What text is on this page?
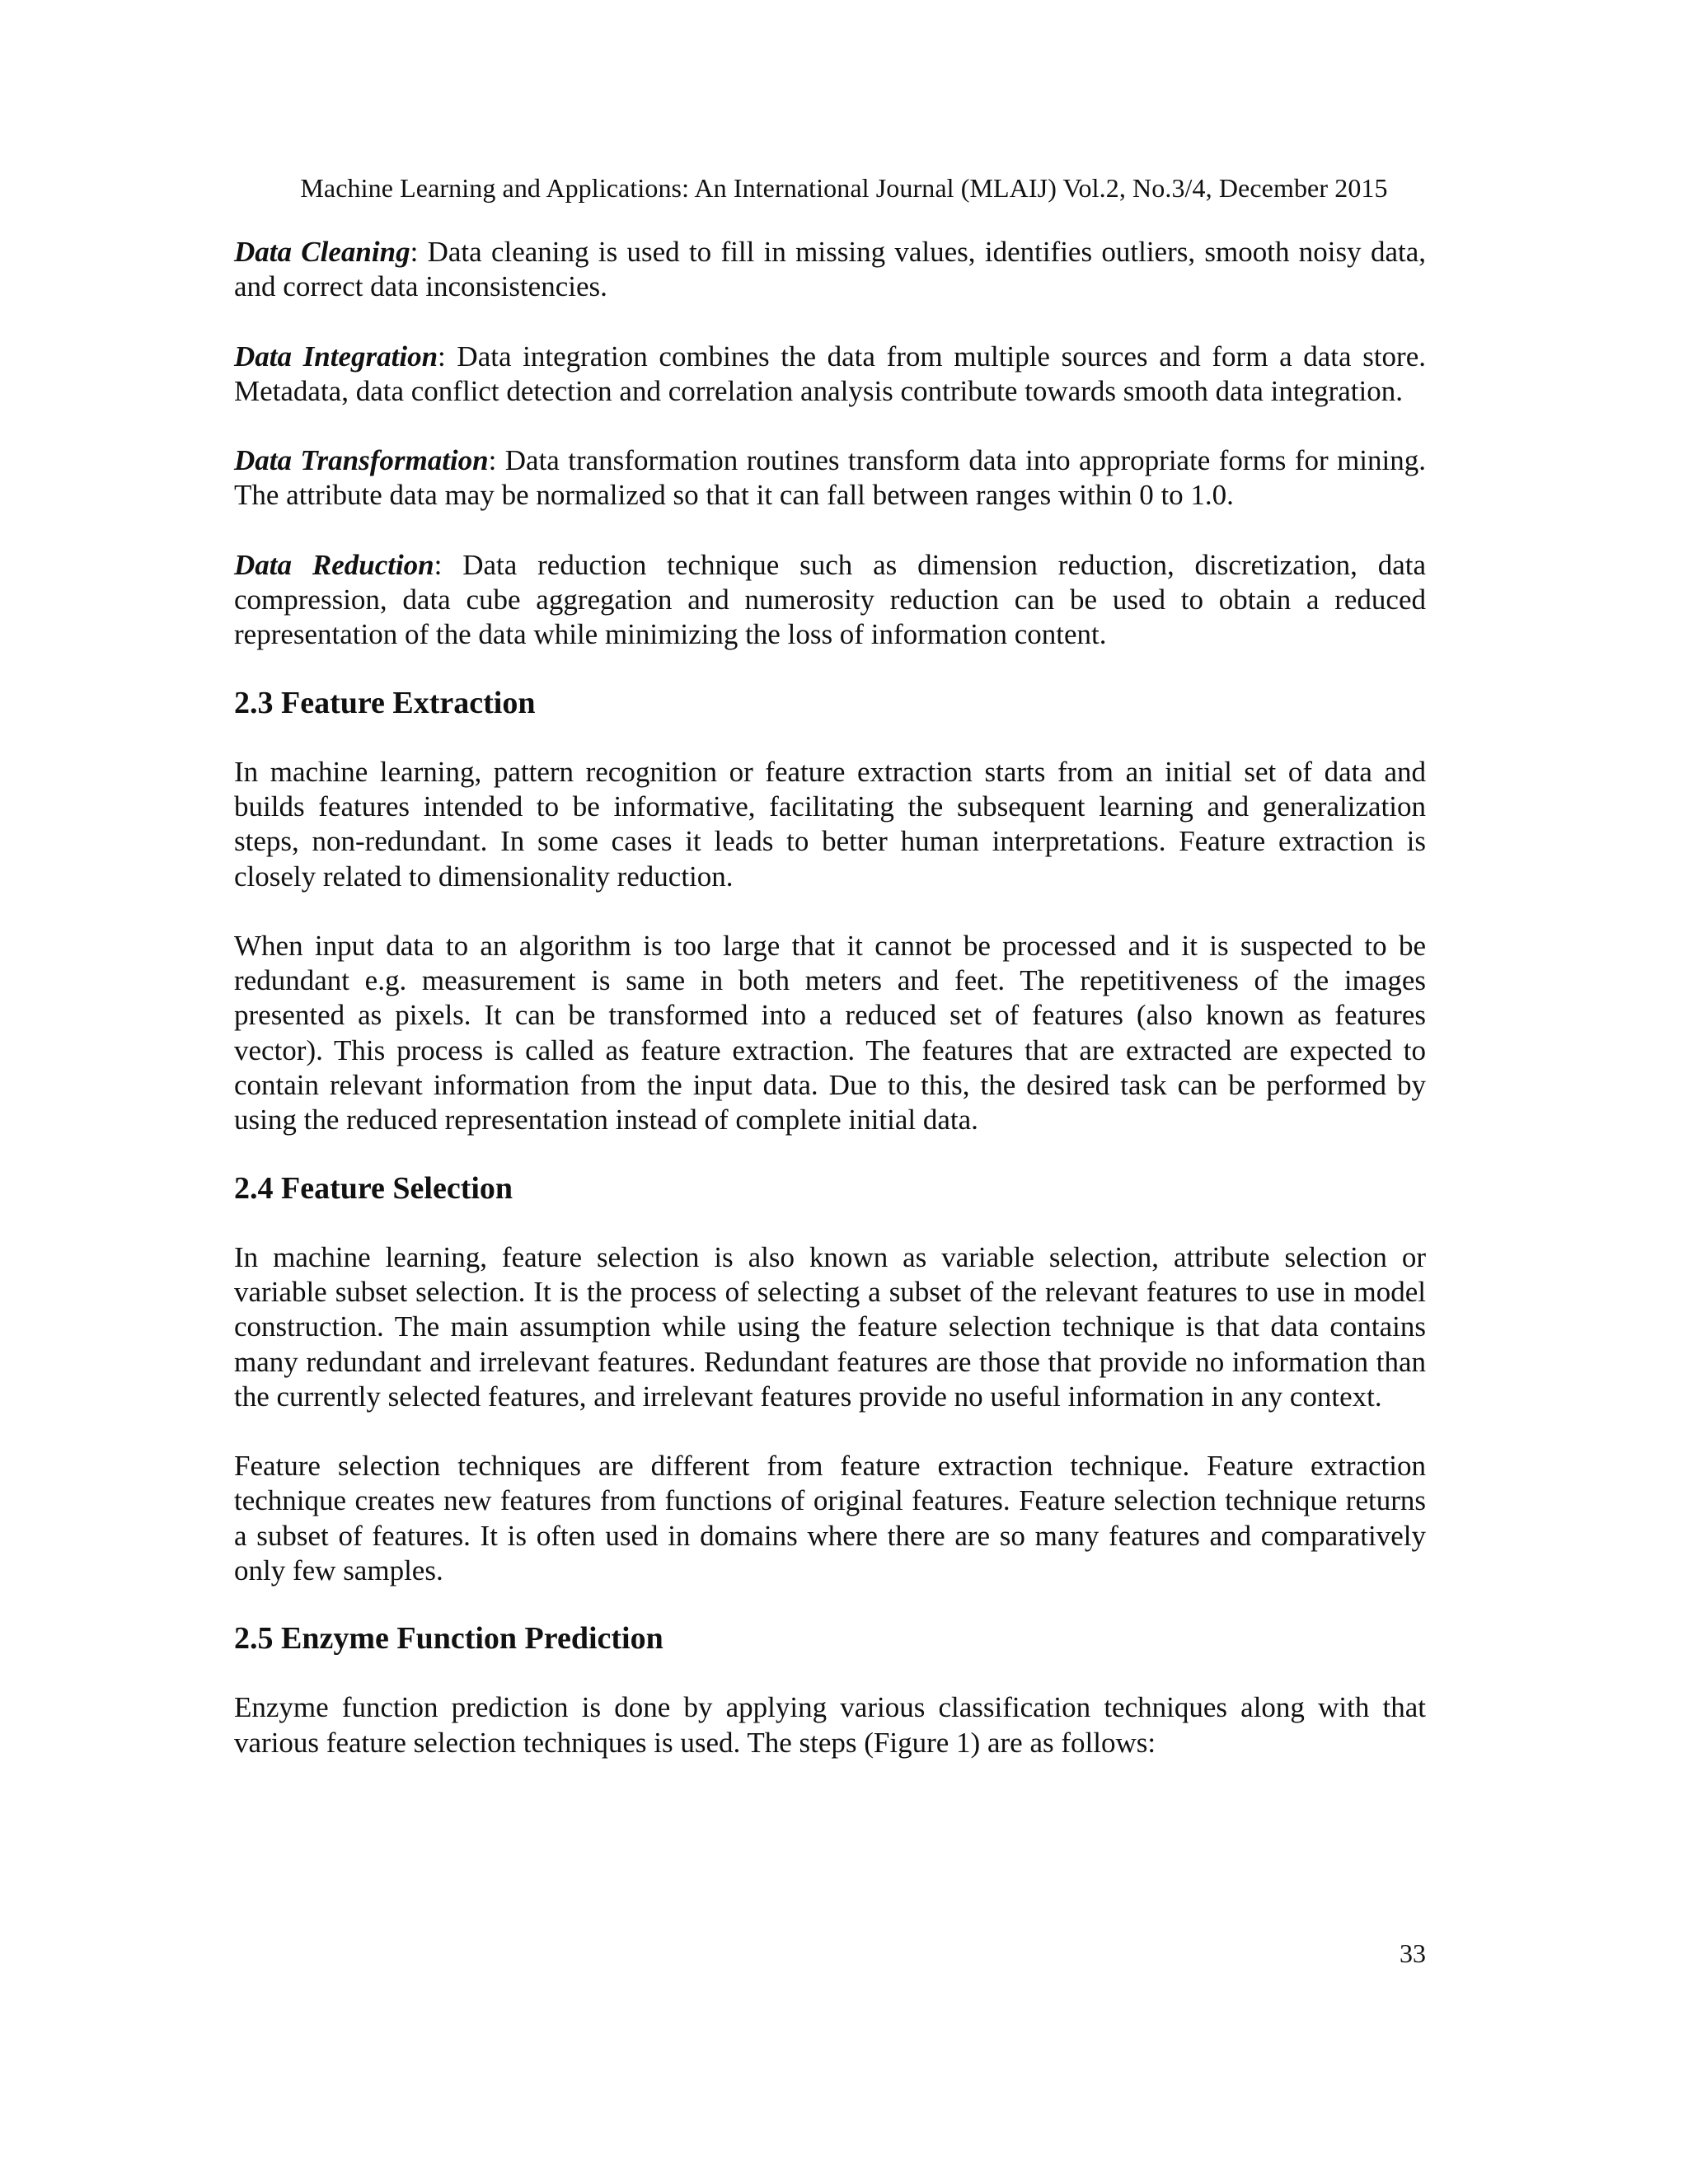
Machine Learning and Applications: An International Journal (MLAIJ) Vol.2, No.3/4, December 2015

Data Cleaning: Data cleaning is used to fill in missing values, identifies outliers, smooth noisy data, and correct data inconsistencies.

Data Integration: Data integration combines the data from multiple sources and form a data store. Metadata, data conflict detection and correlation analysis contribute towards smooth data integration.

Data Transformation: Data transformation routines transform data into appropriate forms for mining. The attribute data may be normalized so that it can fall between ranges within 0 to 1.0.

Data Reduction: Data reduction technique such as dimension reduction, discretization, data compression, data cube aggregation and numerosity reduction can be used to obtain a reduced representation of the data while minimizing the loss of information content.

2.3 Feature Extraction

In machine learning, pattern recognition or feature extraction starts from an initial set of data and builds features intended to be informative, facilitating the subsequent learning and generalization steps, non-redundant. In some cases it leads to better human interpretations. Feature extraction is closely related to dimensionality reduction.

When input data to an algorithm is too large that it cannot be processed and it is suspected to be redundant e.g. measurement is same in both meters and feet. The repetitiveness of the images presented as pixels. It can be transformed into a reduced set of features (also known as features vector). This process is called as feature extraction. The features that are extracted are expected to contain relevant information from the input data. Due to this, the desired task can be performed by using the reduced representation instead of complete initial data.

2.4 Feature Selection

In machine learning, feature selection is also known as variable selection, attribute selection or variable subset selection. It is the process of selecting a subset of the relevant features to use in model construction. The main assumption while using the feature selection technique is that data contains many redundant and irrelevant features. Redundant features are those that provide no information than the currently selected features, and irrelevant features provide no useful information in any context.

Feature selection techniques are different from feature extraction technique. Feature extraction technique creates new features from functions of original features. Feature selection technique returns a subset of features. It is often used in domains where there are so many features and comparatively only few samples.

2.5 Enzyme Function Prediction

Enzyme function prediction is done by applying various classification techniques along with that various feature selection techniques is used. The steps (Figure 1) are as follows:

33
